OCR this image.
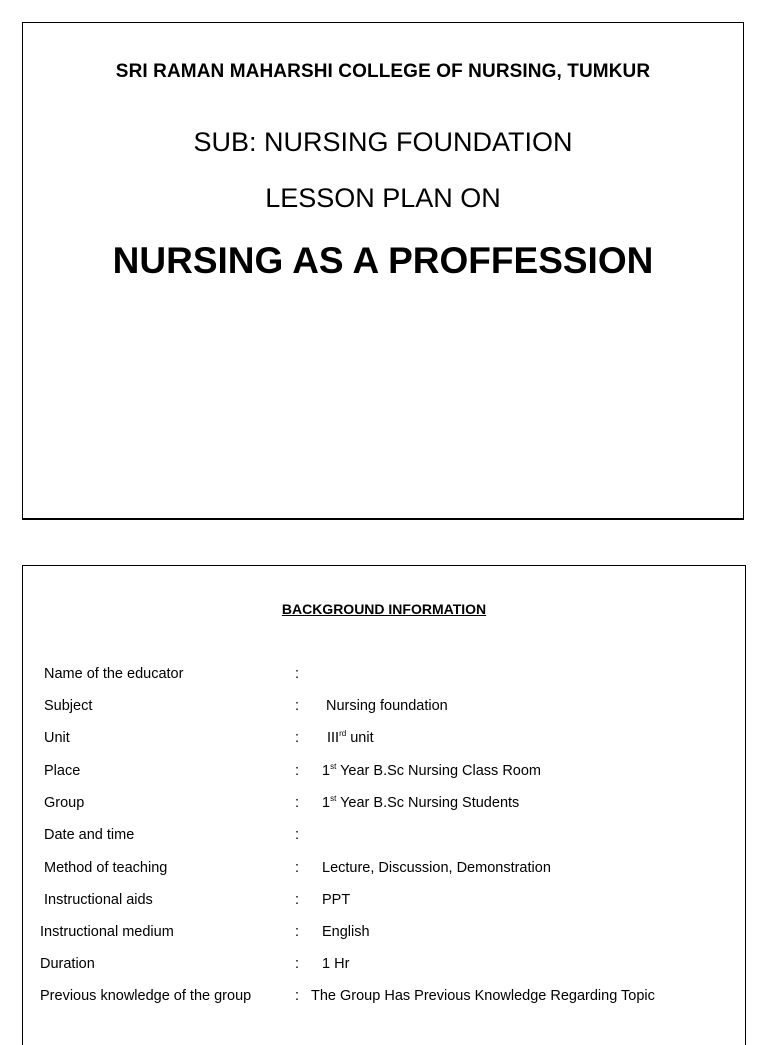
SRI RAMAN MAHARSHI COLLEGE OF NURSING, TUMKUR
SUB: NURSING FOUNDATION
LESSON PLAN ON
NURSING AS A PROFFESSION
BACKGROUND INFORMATION
Name of the educator	:
Subject	: Nursing foundation
Unit	: IIIrd unit
Place	: 1st Year B.Sc Nursing Class Room
Group	: 1st Year B.Sc Nursing Students
Date and time	:
Method of teaching	: Lecture, Discussion, Demonstration
Instructional aids	: PPT
Instructional medium	: English
Duration	: 1 Hr
Previous knowledge of the group	: The Group Has Previous Knowledge Regarding Topic
